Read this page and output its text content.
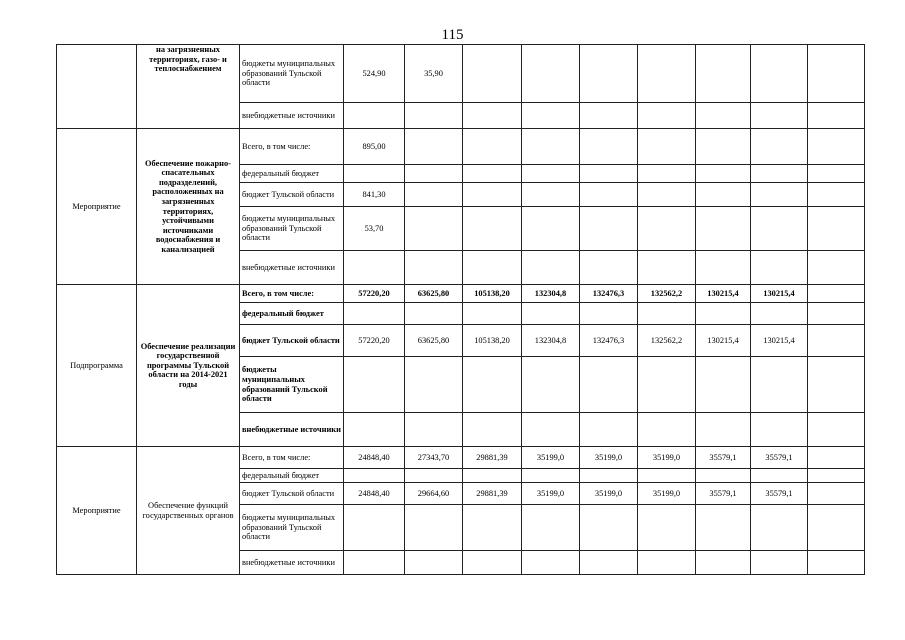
115
	на загрязненных территориях, газо- и теплоснабжением	бюджеты муниципальных образований Тульской области	524,90	35,90							
		внебюджетные источники									
Мероприятие	Обеспечение пожарно-спасательных подразделений, расположенных на загрязненных территориях, устойчивыми источниками водоснабжения и канализацией	Всего, в том числе:	895,00								
		федеральный бюджет									
		бюджет Тульской области	841,30								
		бюджеты муниципальных образований Тульской области	53,70								
		внебюджетные источники									
Подпрограмма	Обеспечение реализации государственной программы Тульской области на 2014-2021 годы	Всего, в том числе:	57220,20	63625,80	105138,20	132304,8	132476,3	132562,2	130215,4	130215,4	
		федеральный бюджет									
		бюджет Тульской области	57220,20	63625,80	105138,20	132304,8	132476,3	132562,2	130215,4	130215,4	
		бюджеты муниципальных образований Тульской области									
		внебюджетные источники									
Мероприятие	Обеспечение функций государственных органов	Всего, в том числе:	24848,40	27343,70	29881,39	35199,0	35199,0	35199,0	35579,1	35579,1	
		федеральный бюджет									
		бюджет Тульской области	24848,40	29664,60	29881,39	35199,0	35199,0	35199,0	35579,1	35579,1	
		бюджеты муниципальных образований Тульской области									
		внебюджетные источники									
